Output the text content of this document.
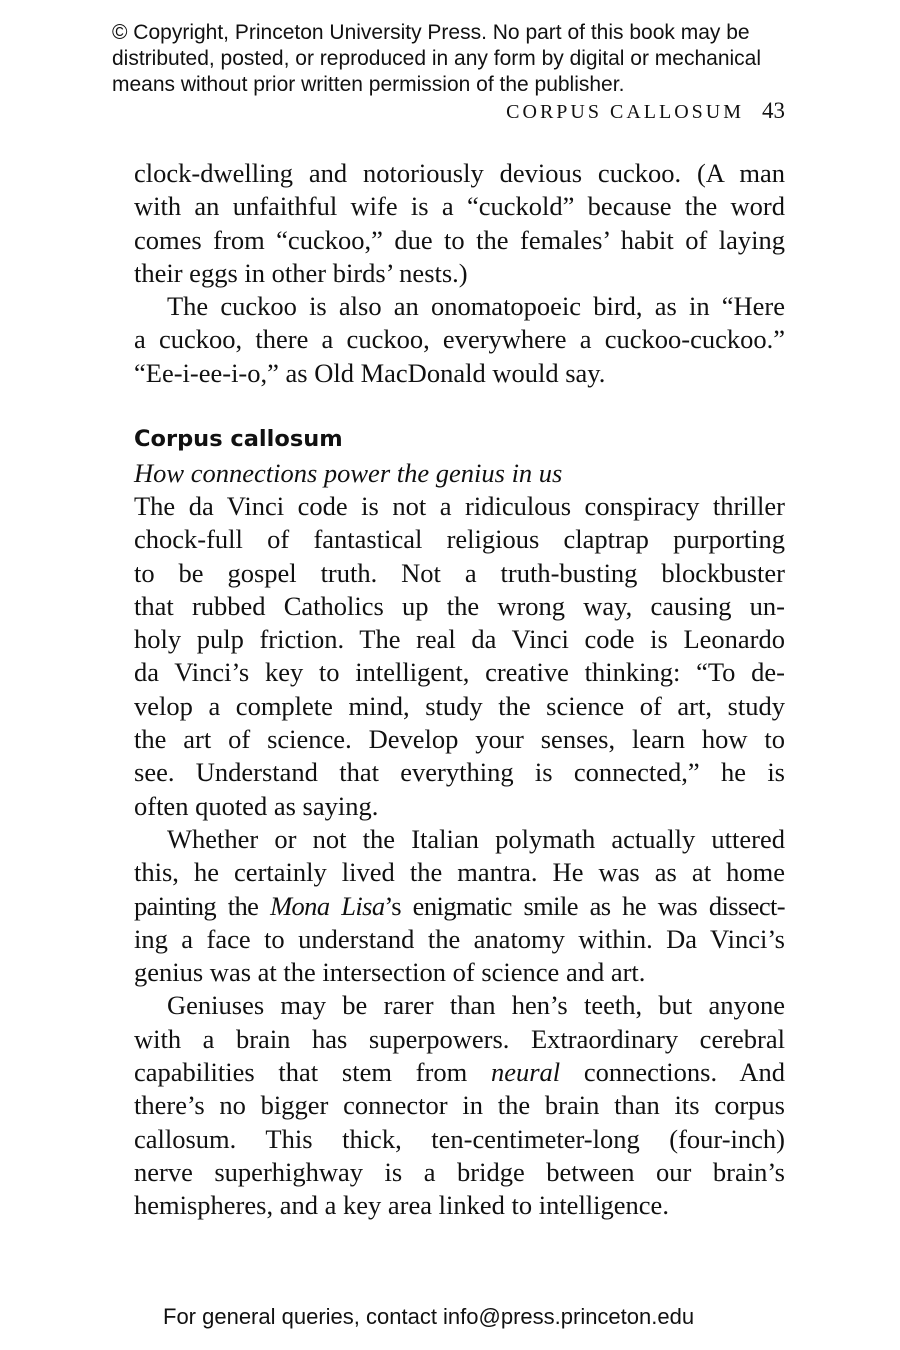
© Copyright, Princeton University Press. No part of this book may be
distributed, posted, or reproduced in any form by digital or mechanical
means without prior written permission of the publisher.
CORPUS CALLOSUM 43
clock-dwelling and notoriously devious cuckoo. (A man
with an unfaithful wife is a “cuckold” because the word
comes from “cuckoo,” due to the females’ habit of laying
their eggs in other birds’ nests.)
The cuckoo is also an onomatopoeic bird, as in “Here
a cuckoo, there a cuckoo, everywhere a cuckoo-cuckoo.”
“Ee-i-ee-i-o,” as Old MacDonald would say.
Corpus callosum
How connections power the genius in us
The da Vinci code is not a ridiculous conspiracy thriller
chock-full of fantastical religious claptrap purporting
to be gospel truth. Not a truth-busting blockbuster
that rubbed Catholics up the wrong way, causing un-
holy pulp friction. The real da Vinci code is Leonardo
da Vinci’s key to intelligent, creative thinking: “To de-
velop a complete mind, study the science of art, study
the art of science. Develop your senses, learn how to
see. Understand that everything is connected,” he is
often quoted as saying.
Whether or not the Italian polymath actually uttered
this, he certainly lived the mantra. He was as at home
painting the Mona Lisa’s enigmatic smile as he was dissect-
ing a face to understand the anatomy within. Da Vinci’s
genius was at the intersection of science and art.
Geniuses may be rarer than hen’s teeth, but anyone
with a brain has superpowers. Extraordinary cerebral
capabilities that stem from neural connections. And
there’s no bigger connector in the brain than its corpus
callosum. This thick, ten-centimeter-long (four-inch)
nerve superhighway is a bridge between our brain’s
hemispheres, and a key area linked to intelligence.
For general queries, contact info@press.princeton.edu
